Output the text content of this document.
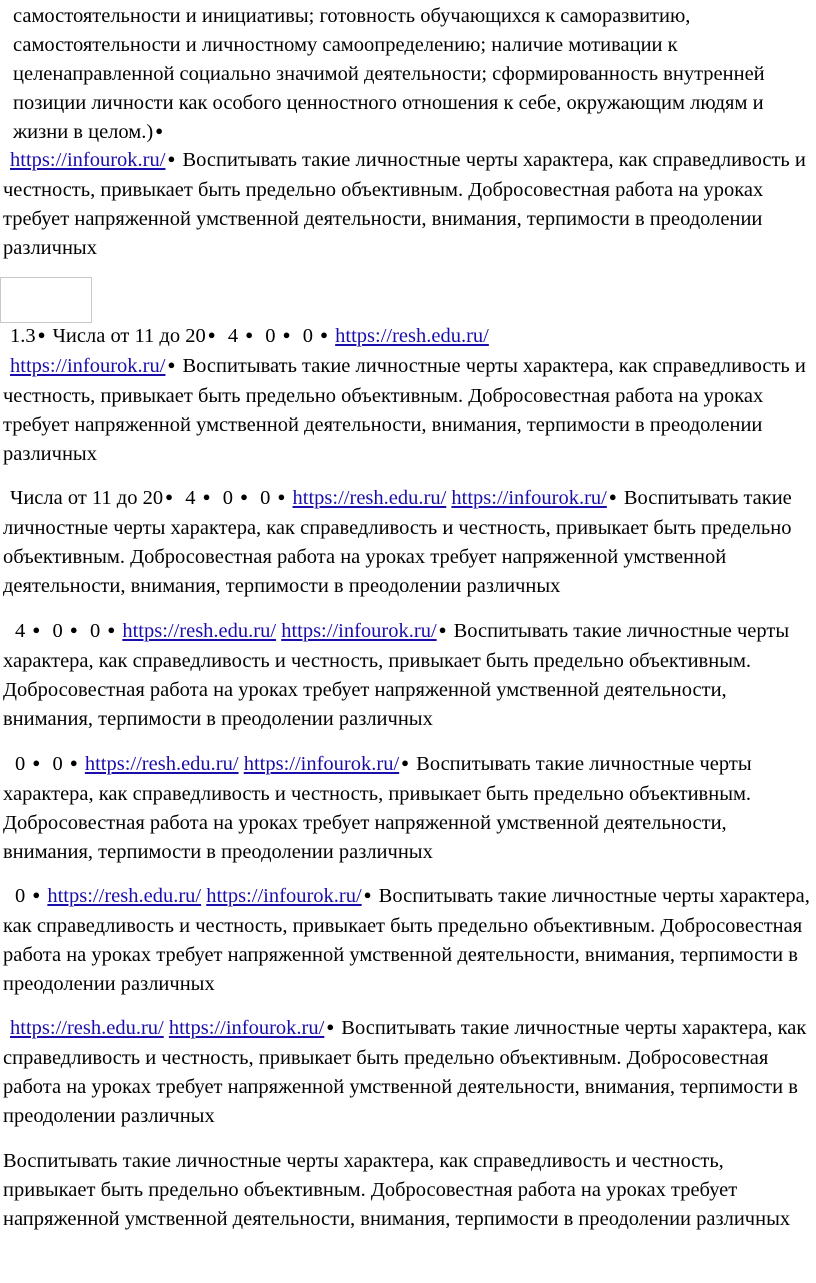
самостоятельности и инициативы; готовность обучающихся к саморазвитию, самостоятельности и личностному самоопределению; наличие мотивации к целенаправленной социально значимой деятельности; сформированность внутренней позиции личности как особого ценностного отношения к себе, окружающим людям и жизни в целом.) ●

https://infourok.ru/ ● Воспитывать такие личностные черты характера, как справедливость и честность, привыкает быть предельно объективным. Добросовестная работа на уроках требует напряженной умственной деятельности, внимания, терпимости в преодолении различных

1.3 ● Числа от 11 до 20 ● 4 ● 0 ● 0 ● https://resh.edu.ru/
https://infourok.ru/ ● Воспитывать такие личностные черты характера, как справедливость и честность, привыкает быть предельно объективным. Добросовестная работа на уроках требует напряженной умственной деятельности, внимания, терпимости в преодолении различных

Числа от 11 до 20 ● 4 ● 0 ● 0 ● https://resh.edu.ru/ https://infourok.ru/ ● Воспитывать такие личностные черты характера, как справедливость и честность, привыкает быть предельно объективным. Добросовестная работа на уроках требует напряженной умственной деятельности, внимания, терпимости в преодолении различных

4 ● 0 ● 0 ● https://resh.edu.ru/ https://infourok.ru/ ● Воспитывать такие личностные черты характера, как справедливость и честность, привыкает быть предельно объективным. Добросовестная работа на уроках требует напряженной умственной деятельности, внимания, терпимости в преодолении различных

0 ● 0 ● https://resh.edu.ru/ https://infourok.ru/ ● Воспитывать такие личностные черты характера, как справедливость и честность, привыкает быть предельно объективным. Добросовестная работа на уроках требует напряженной умственной деятельности, внимания, терпимости в преодолении различных

0 ● https://resh.edu.ru/ https://infourok.ru/ ● Воспитывать такие личностные черты характера, как справедливость и честность, привыкает быть предельно объективным. Добросовестная работа на уроках требует напряженной умственной деятельности, внимания, терпимости в преодолении различных

https://resh.edu.ru/ https://infourok.ru/ ● Воспитывать такие личностные черты характера, как справедливость и честность, привыкает быть предельно объективным. Добросовестная работа на уроках требует напряженной умственной деятельности, внимания, терпимости в преодолении различных

Воспитывать такие личностные черты характера, как справедливость и честность, привыкает быть предельно объективным. Добросовестная работа на уроках требует напряженной умственной деятельности, внимания, терпимости в преодолении различных
